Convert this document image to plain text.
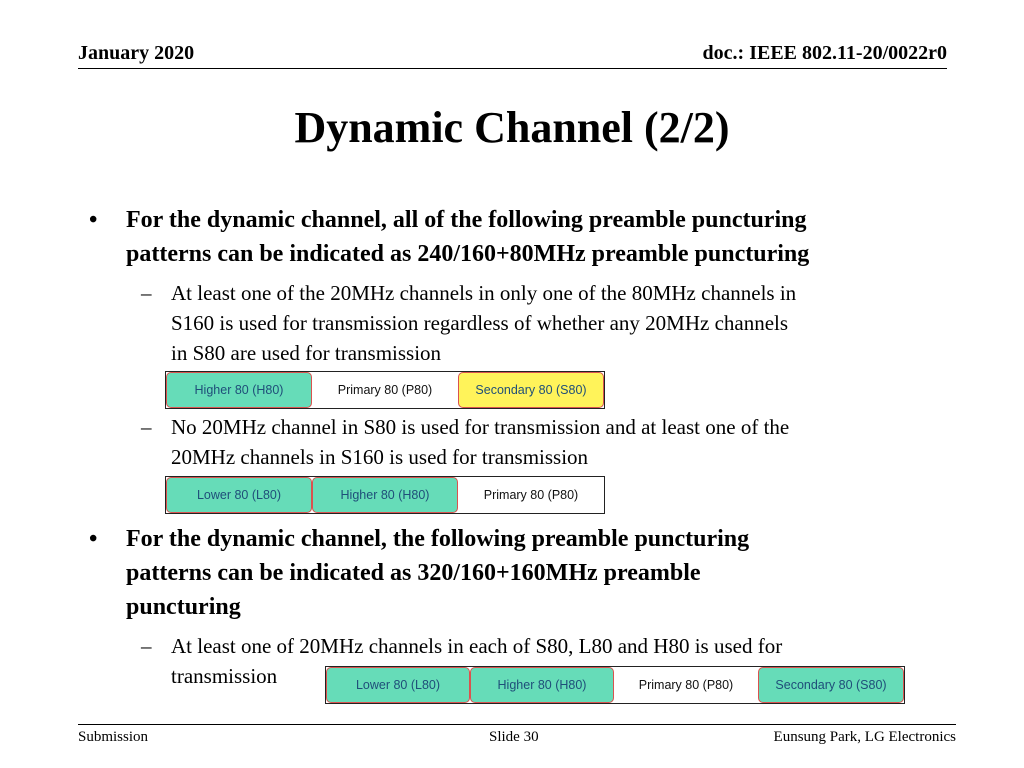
January 2020	doc.: IEEE 802.11-20/0022r0
Dynamic Channel (2/2)
• For the dynamic channel, all of the following preamble puncturing
patterns can be indicated as 240/160+80MHz preamble puncturing
– At least one of the 20MHz channels in only one of the 80MHz channels in
S160 is used for transmission regardless of whether any 20MHz channels
in S80 are used for transmission
Higher 80 (H80)	Primary 80 (P80)	Secondary 80 (S80)
– No 20MHz channel in S80 is used for transmission and at least one of the
20MHz channels in S160 is used for transmission
Lower 80 (L80)	Higher 80 (H80)	Primary 80 (P80)
• For the dynamic channel, the following preamble puncturing
patterns can be indicated as 320/160+160MHz preamble
puncturing
– At least one of 20MHz channels in each of S80, L80 and H80 is used for
transmission	Lower 80 (L80)	Higher 80 (H80)	Primary 80 (P80)	Secondary 80 (S80)
Submission	Slide 30	Eunsung Park, LG Electronics
